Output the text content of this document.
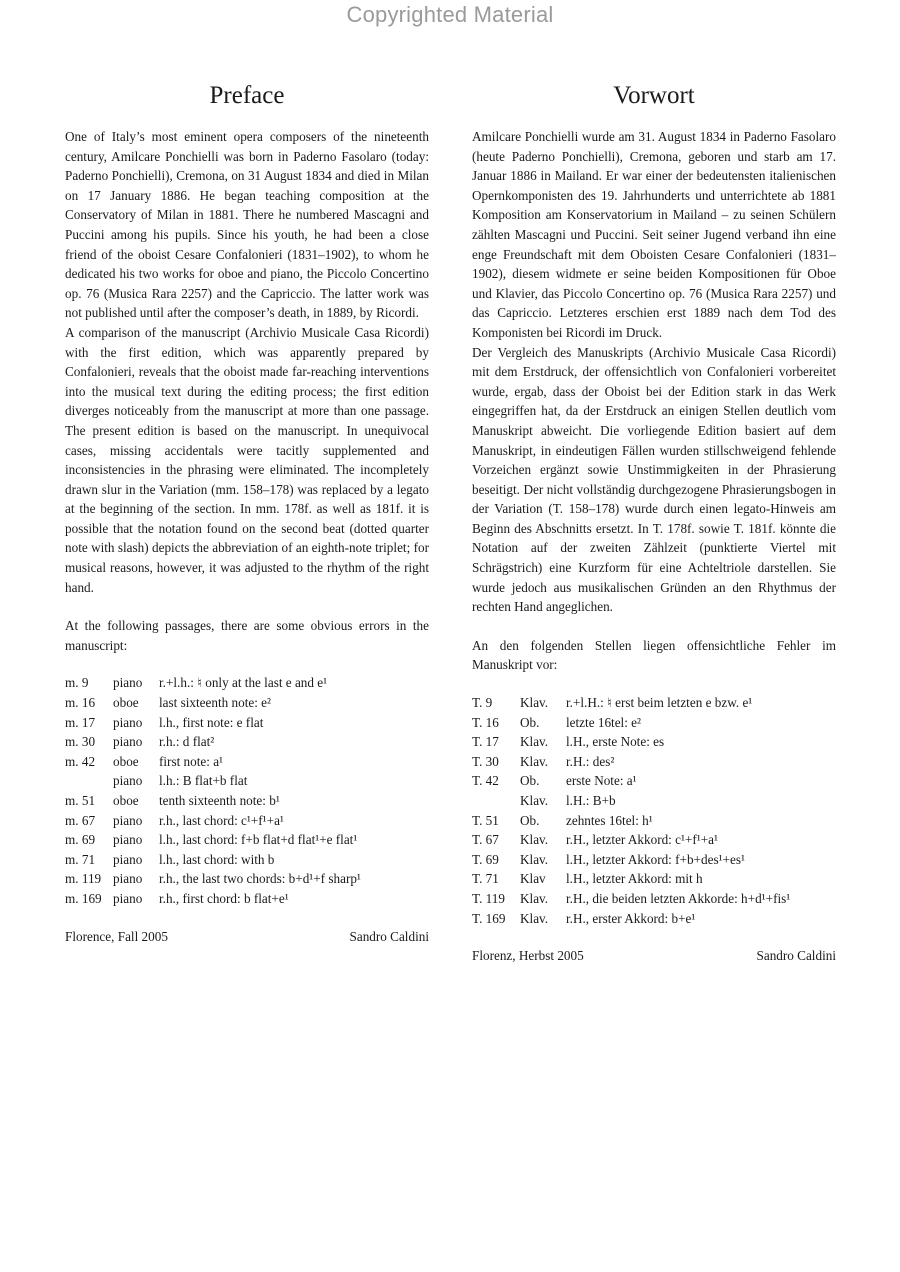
Copyrighted Material
Preface

One of Italy’s most eminent opera composers of the nineteenth century, Amilcare Ponchielli was born in Paderno Fasolaro (today: Paderno Ponchielli), Cremona, on 31 August 1834 and died in Milan on 17 January 1886. He began teaching composition at the Conservatory of Milan in 1881. There he numbered Mascagni and Puccini among his pupils. Since his youth, he had been a close friend of the oboist Cesare Confalonieri (1831–1902), to whom he dedicated his two works for oboe and piano, the Piccolo Concertino op. 76 (Musica Rara 2257) and the Capriccio. The latter work was not published until after the composer’s death, in 1889, by Ricordi.

A comparison of the manuscript (Archivio Musicale Casa Ricordi) with the first edition, which was apparently prepared by Confalonieri, reveals that the oboist made far-reaching interventions into the musical text during the editing process; the first edition diverges noticeably from the manuscript at more than one passage. The present edition is based on the manuscript. In unequivocal cases, missing accidentals were tacitly supplemented and inconsistencies in the phrasing were eliminated. The incompletely drawn slur in the Variation (mm. 158–178) was replaced by a legato at the beginning of the section. In mm. 178f. as well as 181f. it is possible that the notation found on the second beat (dotted quarter note with slash) depicts the abbreviation of an eighth-note triplet; for musical reasons, however, it was adjusted to the rhythm of the right hand.

At the following passages, there are some obvious errors in the manuscript:

m. 9	piano	r.+l.h.: ♮ only at the last e and e¹
m. 16	oboe	last sixteenth note: e²
m. 17	piano	l.h., first note: e flat
m. 30	piano	r.h.: d flat²
m. 42	oboe	first note: a¹
	piano	l.h.: B flat+b flat
m. 51	oboe	tenth sixteenth note: b¹
m. 67	piano	r.h., last chord: c¹+f¹+a¹
m. 69	piano	l.h., last chord: f+b flat+d flat¹+e flat¹
m. 71	piano	l.h., last chord: with b
m. 119	piano	r.h., the last two chords: b+d¹+f sharp¹
m. 169	piano	r.h., first chord: b flat+e¹
Florence, Fall 2005	Sandro Caldini
Vorwort

Amilcare Ponchielli wurde am 31. August 1834 in Paderno Fasolaro (heute Paderno Ponchielli), Cremona, geboren und starb am 17. Januar 1886 in Mailand. Er war einer der bedeutensten italienischen Opernkomponisten des 19. Jahrhunderts und unterrichtete ab 1881 Komposition am Konservatorium in Mailand – zu seinen Schülern zählten Mascagni und Puccini. Seit seiner Jugend verband ihn eine enge Freundschaft mit dem Oboisten Cesare Confalonieri (1831–1902), diesem widmete er seine beiden Kompositionen für Oboe und Klavier, das Piccolo Concertino op. 76 (Musica Rara 2257) und das Capriccio. Letzteres erschien erst 1889 nach dem Tod des Komponisten bei Ricordi im Druck.

Der Vergleich des Manuskripts (Archivio Musicale Casa Ricordi) mit dem Erstdruck, der offensichtlich von Confalonieri vorbereitet wurde, ergab, dass der Oboist bei der Edition stark in das Werk eingegriffen hat, da der Erstdruck an einigen Stellen deutlich vom Manuskript abweicht. Die vorliegende Edition basiert auf dem Manuskript, in eindeutigen Fällen wurden stillschweigend fehlende Vorzeichen ergänzt sowie Unstimmigkeiten in der Phrasierung beseitigt. Der nicht vollständig durchgezogene Phrasierungsbogen in der Variation (T. 158–178) wurde durch einen legato-Hinweis am Beginn des Abschnitts ersetzt. In T. 178f. sowie T. 181f. könnte die Notation auf der zweiten Zählzeit (punktierte Viertel mit Schrägstrich) eine Kurzform für eine Achteltriole darstellen. Sie wurde jedoch aus musikalischen Gründen an den Rhythmus der rechten Hand angeglichen.

An den folgenden Stellen liegen offensichtliche Fehler im Manuskript vor:

T. 9	Klav.	r.+l.H.: ♮ erst beim letzten e bzw. e¹
T. 16	Ob.	letzte 16tel: e²
T. 17	Klav.	l.H., erste Note: es
T. 30	Klav.	r.H.: des²
T. 42	Ob.	erste Note: a¹
	Klav.	l.H.: B+b
T. 51	Ob.	zehntes 16tel: h¹
T. 67	Klav.	r.H., letzter Akkord: c¹+f¹+a¹
T. 69	Klav.	l.H., letzter Akkord: f+b+des¹+es¹
T. 71	Klav	l.H., letzter Akkord: mit h
T. 119	Klav.	r.H., die beiden letzten Akkorde: h+d¹+fis¹
T. 169	Klav.	r.H., erster Akkord: b+e¹
Florenz, Herbst 2005	Sandro Caldini
